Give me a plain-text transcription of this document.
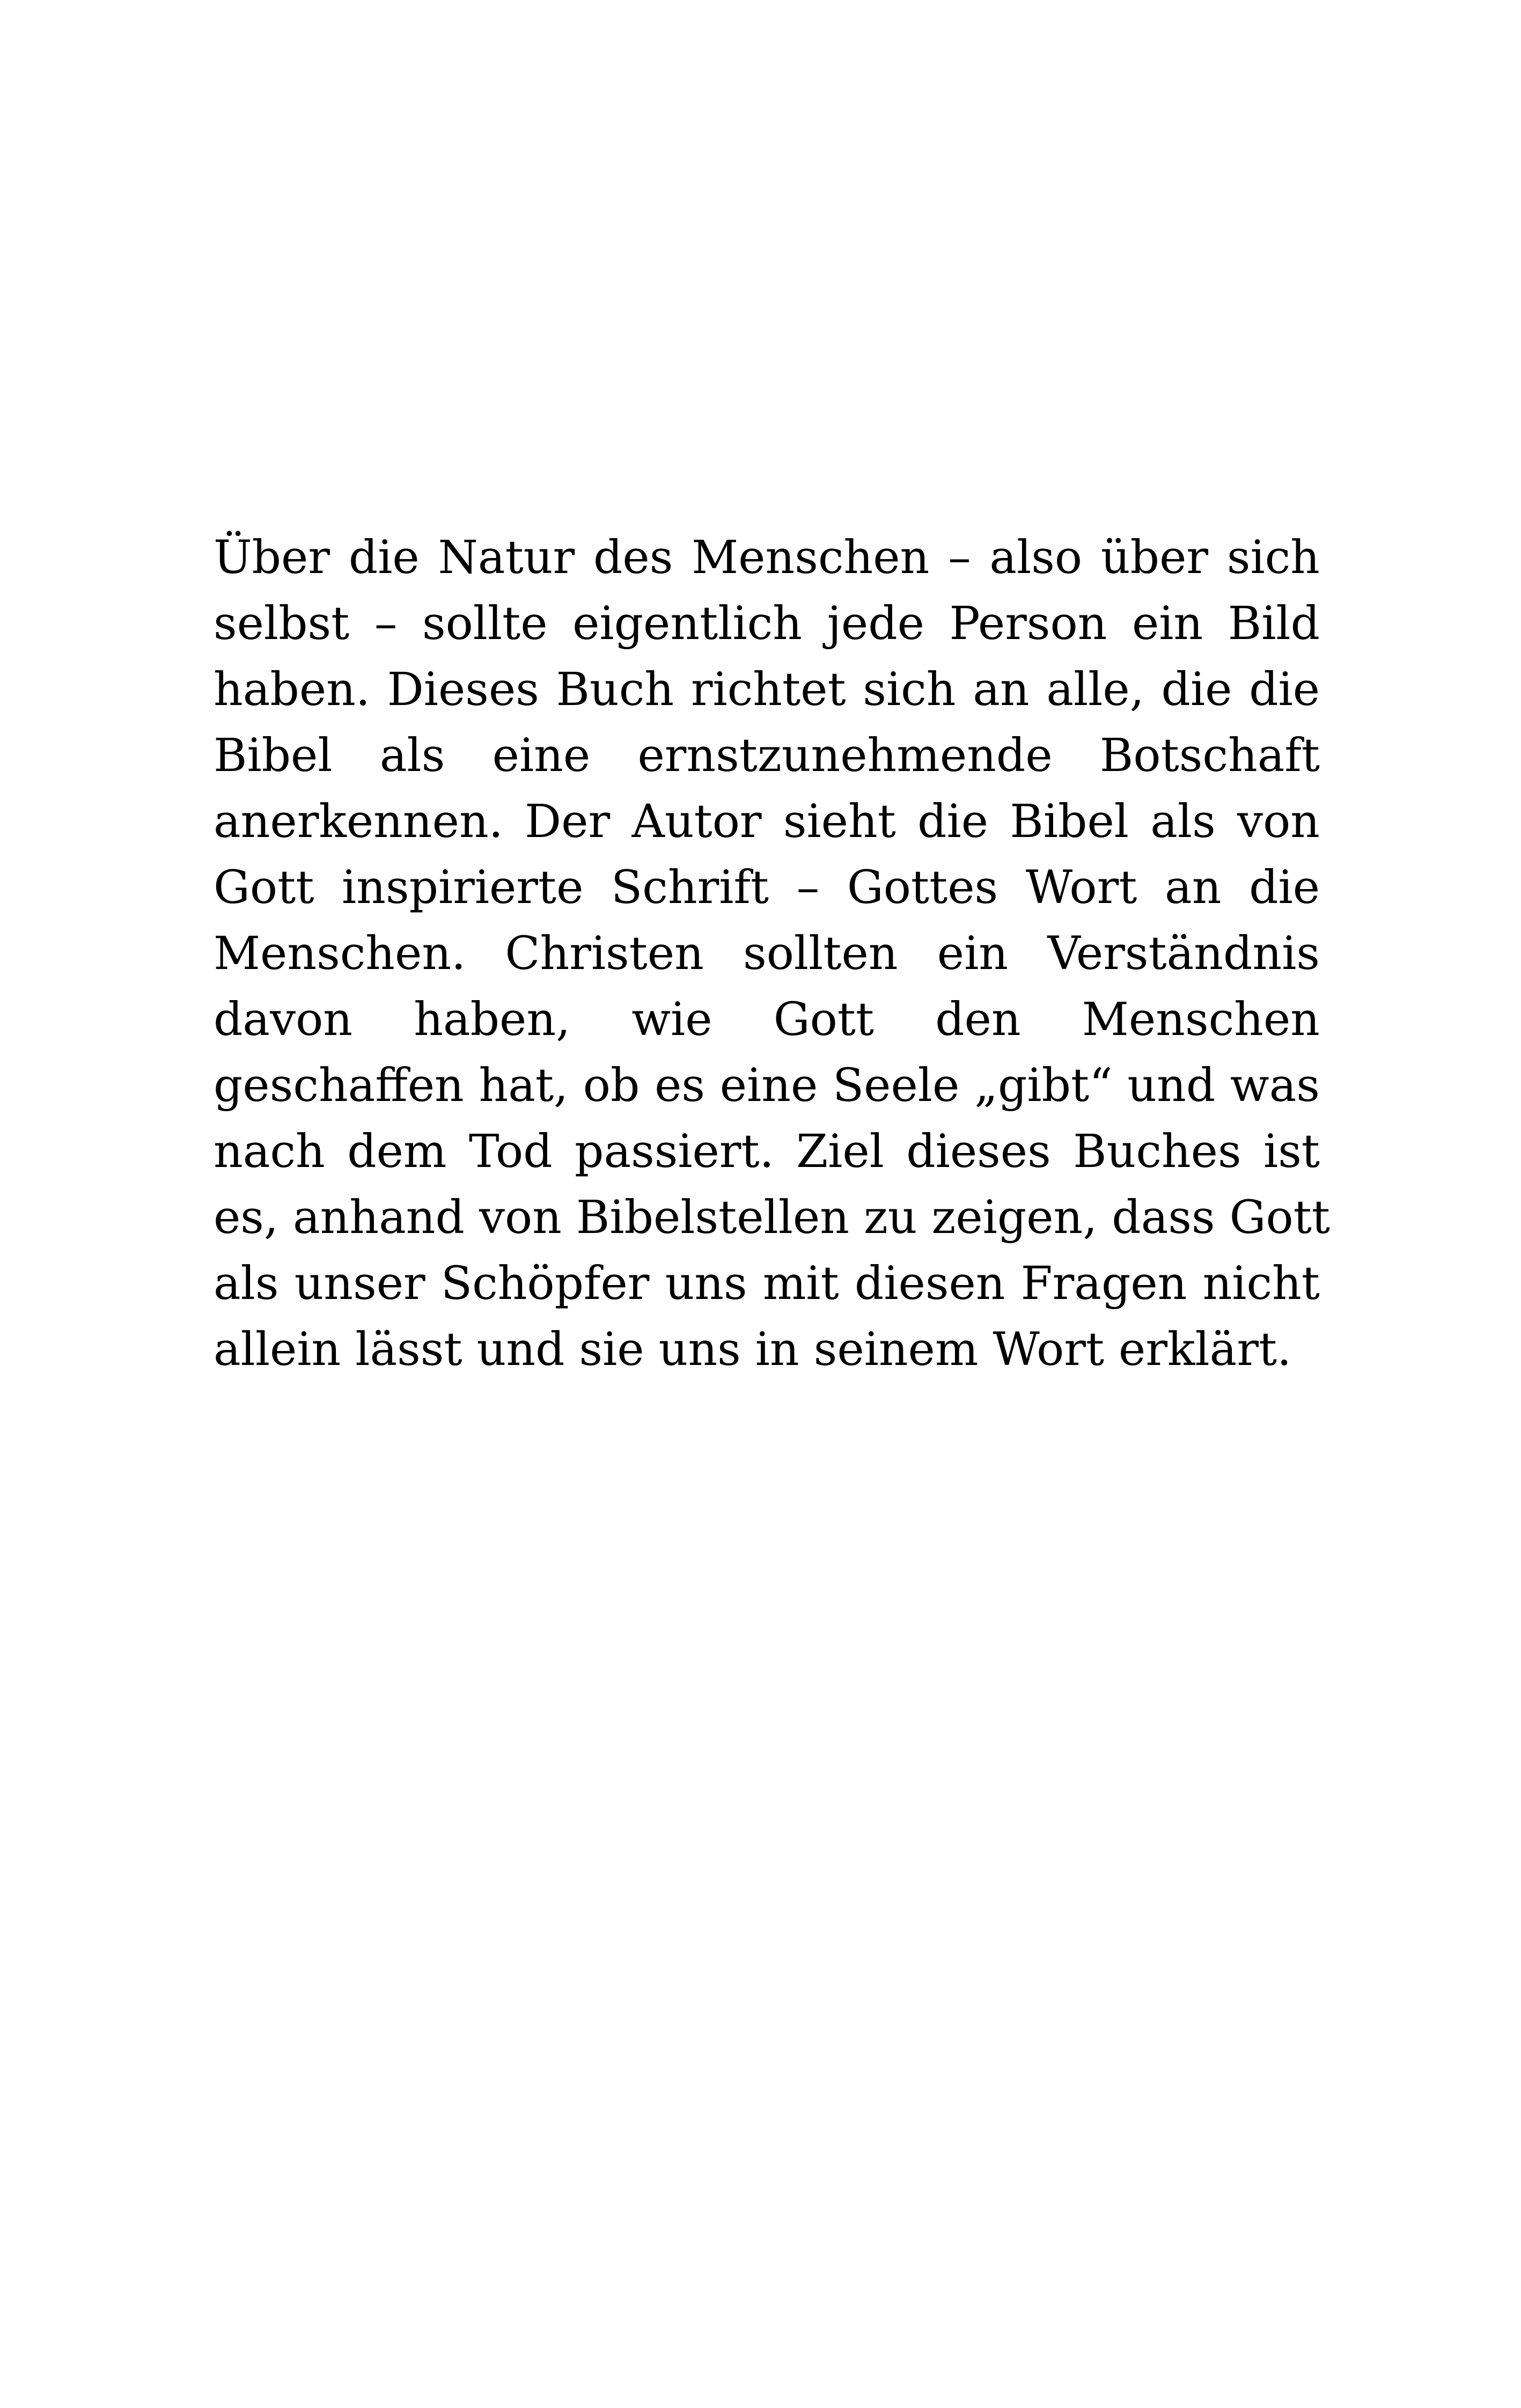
Über die Natur des Menschen – also über sich
selbst – sollte eigentlich jede Person ein Bild
haben. Dieses Buch richtet sich an alle, die die
Bibel als eine ernstzunehmende Botschaft
anerkennen. Der Autor sieht die Bibel als von
Gott inspirierte Schrift – Gottes Wort an die
Menschen. Christen sollten ein Verständnis
davon haben, wie Gott den Menschen
geschaffen hat, ob es eine Seele „gibt“ und was
nach dem Tod passiert. Ziel dieses Buches ist
es, anhand von Bibelstellen zu zeigen, dass Gott
als unser Schöpfer uns mit diesen Fragen nicht
allein lässt und sie uns in seinem Wort erklärt.
